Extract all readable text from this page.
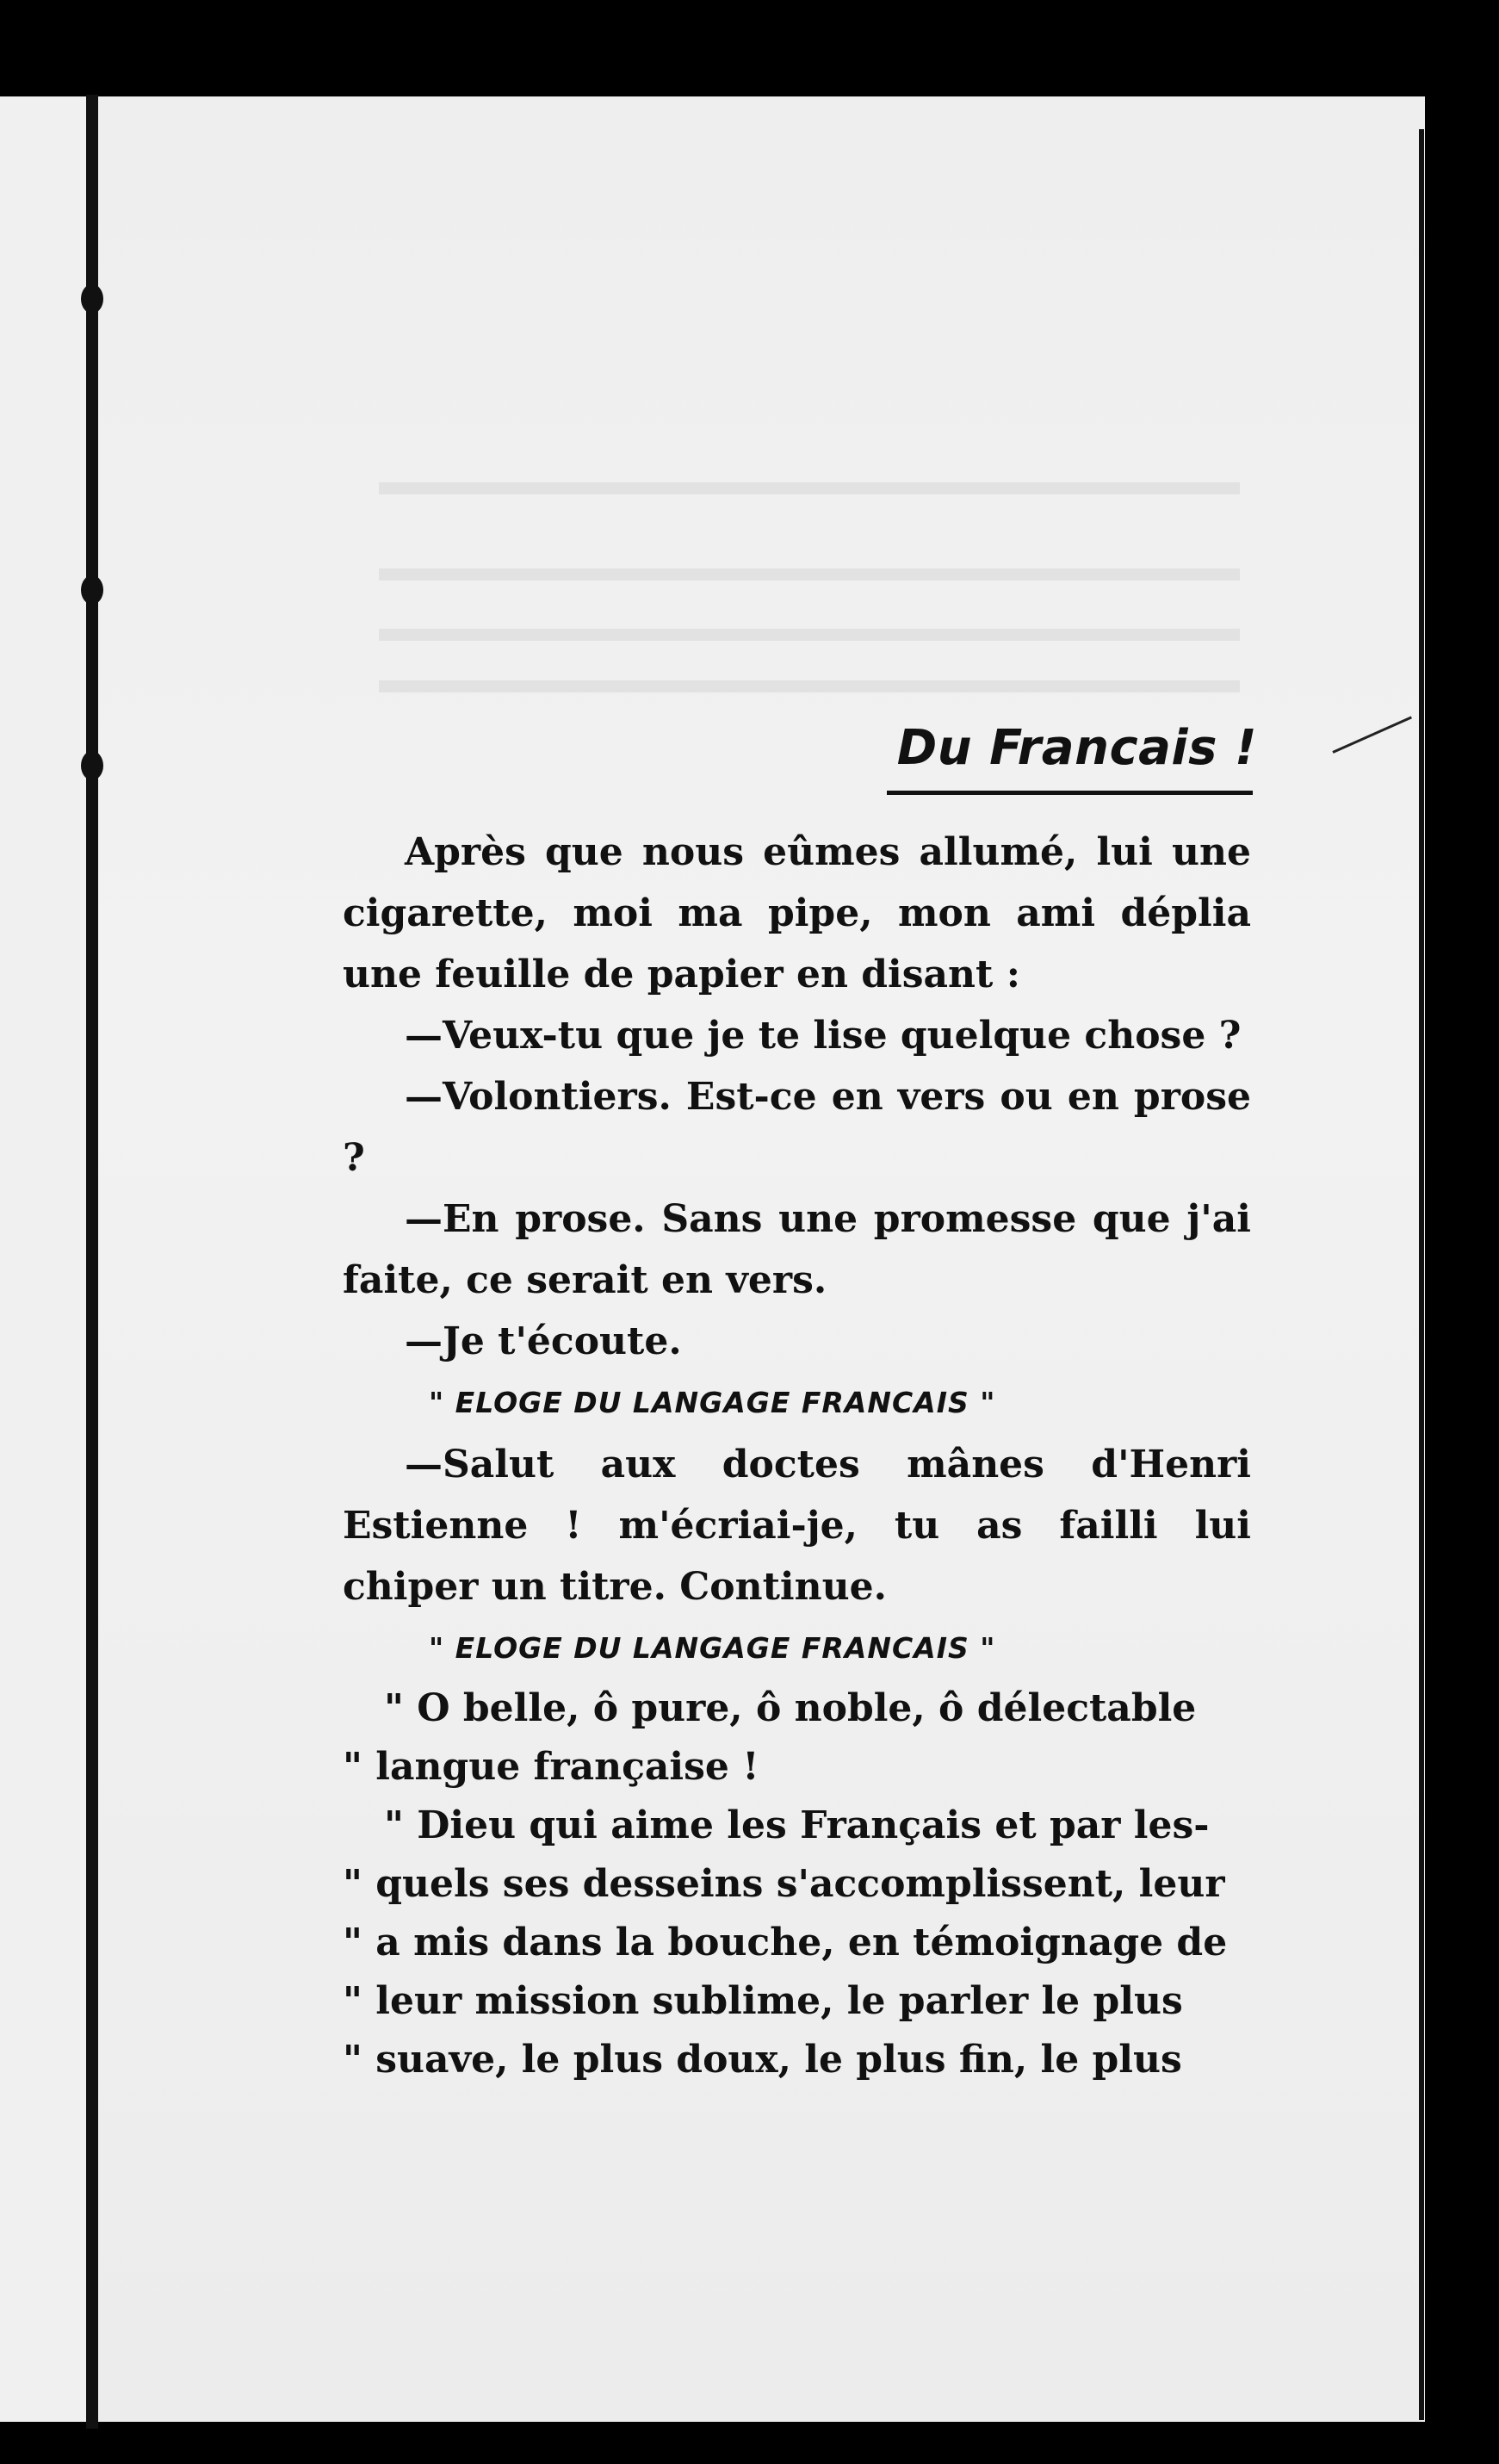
Du Francais !

Après que nous eûmes allumé, lui une cigarette, moi ma pipe, mon ami déplia une feuille de papier en disant :

—Veux-tu que je te lise quelque chose ?

—Volontiers. Est-ce en vers ou en prose ?

—En prose. Sans une promesse que j'ai faite, ce serait en vers.

—Je t'écoute.

" ELOGE DU LANGAGE FRANCAIS "

—Salut aux doctes mânes d'Henri Estienne ! m'écriai-je, tu as failli lui chiper un titre. Continue.

" ELOGE DU LANGAGE FRANCAIS "

" O belle, ô pure, ô noble, ô délectable

" langue française !

" Dieu qui aime les Français et par les-

" quels ses desseins s'accomplissent, leur

" a mis dans la bouche, en témoignage de

" leur mission sublime, le parler le plus

" suave, le plus doux, le plus fin, le plus
